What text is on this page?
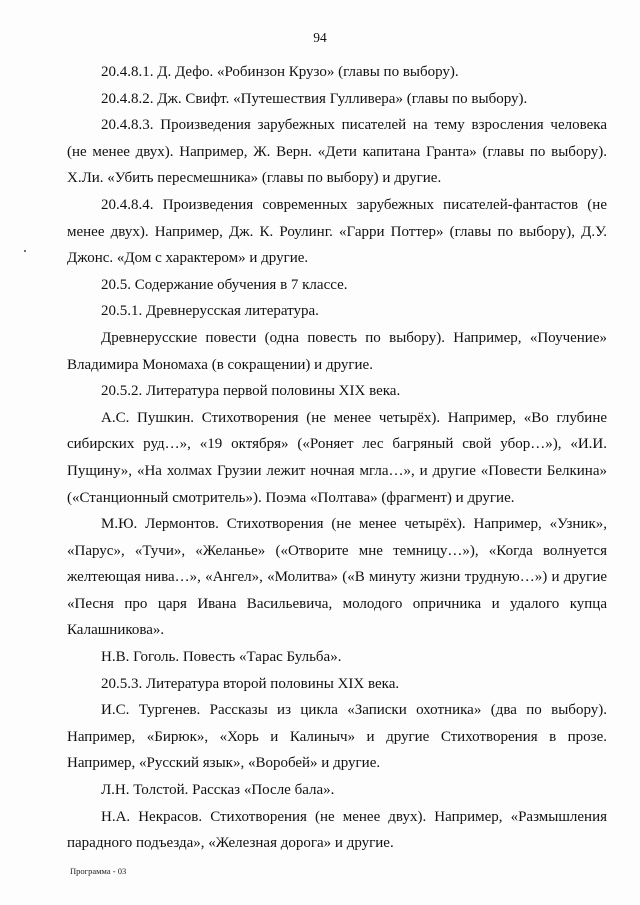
94

20.4.8.1. Д. Дефо. «Робинзон Крузо» (главы по выбору).

20.4.8.2. Дж. Свифт. «Путешествия Гулливера» (главы по выбору).

20.4.8.3. Произведения зарубежных писателей на тему взросления человека (не менее двух). Например, Ж. Верн. «Дети капитана Гранта» (главы по выбору). Х.Ли. «Убить пересмешника» (главы по выбору) и другие.

20.4.8.4. Произведения современных зарубежных писателей-фантастов (не менее двух). Например, Дж. К. Роулинг. «Гарри Поттер» (главы по выбору), Д.У. Джонс. «Дом с характером» и другие.

20.5. Содержание обучения в 7 классе.

20.5.1. Древнерусская литература.

Древнерусские повести (одна повесть по выбору). Например, «Поучение» Владимира Мономаха (в сокращении) и другие.

20.5.2. Литература первой половины XIX века.

А.С. Пушкин. Стихотворения (не менее четырёх). Например, «Во глубине сибирских руд…», «19 октября» («Роняет лес багряный свой убор…»), «И.И. Пущину», «На холмах Грузии лежит ночная мгла…», и другие «Повести Белкина» («Станционный смотритель»). Поэма «Полтава» (фрагмент) и другие.

М.Ю. Лермонтов. Стихотворения (не менее четырёх). Например, «Узник», «Парус», «Тучи», «Желанье» («Отворите мне темницу…»), «Когда волнуется желтеющая нива…», «Ангел», «Молитва» («В минуту жизни трудную…») и другие «Песня про царя Ивана Васильевича, молодого опричника и удалого купца Калашникова».

Н.В. Гоголь. Повесть «Тарас Бульба».

20.5.3. Литература второй половины XIX века.

И.С. Тургенев. Рассказы из цикла «Записки охотника» (два по выбору). Например, «Бирюк», «Хорь и Калиныч» и другие Стихотворения в прозе. Например, «Русский язык», «Воробей» и другие.

Л.Н. Толстой. Рассказ «После бала».

Н.А. Некрасов. Стихотворения (не менее двух). Например, «Размышления парадного подъезда», «Железная дорога» и другие.

Программа - 03
